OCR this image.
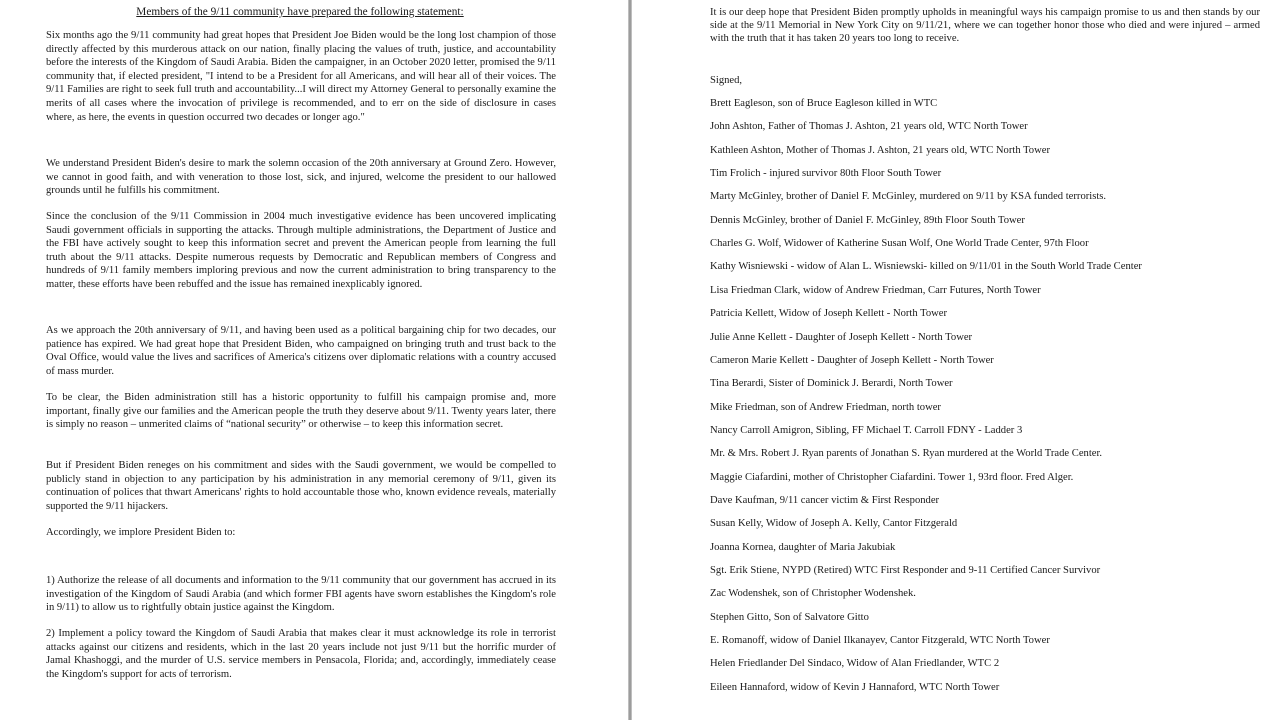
Members of the 9/11 community have prepared the following statement:

Six months ago the 9/11 community had great hopes that President Joe Biden would be the long lost champion of those directly affected by this murderous attack on our nation, finally placing the values of truth, justice, and accountability before the interests of the Kingdom of Saudi Arabia. Biden the campaigner, in an October 2020 letter, promised the 9/11 community that, if elected president, "I intend to be a President for all Americans, and will hear all of their voices. The 9/11 Families are right to seek full truth and accountability...I will direct my Attorney General to personally examine the merits of all cases where the invocation of privilege is recommended, and to err on the side of disclosure in cases where, as here, the events in question occurred two decades or longer ago."

We understand President Biden's desire to mark the solemn occasion of the 20th anniversary at Ground Zero. However, we cannot in good faith, and with veneration to those lost, sick, and injured, welcome the president to our hallowed grounds until he fulfills his commitment.

Since the conclusion of the 9/11 Commission in 2004 much investigative evidence has been uncovered implicating Saudi government officials in supporting the attacks. Through multiple administrations, the Department of Justice and the FBI have actively sought to keep this information secret and prevent the American people from learning the full truth about the 9/11 attacks. Despite numerous requests by Democratic and Republican members of Congress and hundreds of 9/11 family members imploring previous and now the current administration to bring transparency to the matter, these efforts have been rebuffed and the issue has remained inexplicably ignored.

As we approach the 20th anniversary of 9/11, and having been used as a political bargaining chip for two decades, our patience has expired. We had great hope that President Biden, who campaigned on bringing truth and trust back to the Oval Office, would value the lives and sacrifices of America's citizens over diplomatic relations with a country accused of mass murder.

To be clear, the Biden administration still has a historic opportunity to fulfill his campaign promise and, more important, finally give our families and the American people the truth they deserve about 9/11. Twenty years later, there is simply no reason – unmerited claims of “national security” or otherwise – to keep this information secret.

But if President Biden reneges on his commitment and sides with the Saudi government, we would be compelled to publicly stand in objection to any participation by his administration in any memorial ceremony of 9/11, given its continuation of polices that thwart Americans' rights to hold accountable those who, known evidence reveals, materially supported the 9/11 hijackers.

Accordingly, we implore President Biden to:

1) Authorize the release of all documents and information to the 9/11 community that our government has accrued in its investigation of the Kingdom of Saudi Arabia (and which former FBI agents have sworn establishes the Kingdom's role in 9/11) to allow us to rightfully obtain justice against the Kingdom.

2) Implement a policy toward the Kingdom of Saudi Arabia that makes clear it must acknowledge its role in terrorist attacks against our citizens and residents, which in the last 20 years include not just 9/11 but the horrific murder of Jamal Khashoggi, and the murder of U.S. service members in Pensacola, Florida; and, accordingly, immediately cease the Kingdom's support for acts of terrorism.

It is our deep hope that President Biden promptly upholds in meaningful ways his campaign promise to us and then stands by our side at the 9/11 Memorial in New York City on 9/11/21, where we can together honor those who died and were injured – armed with the truth that it has taken 20 years too long to receive.

Signed,

Brett Eagleson, son of Bruce Eagleson killed in WTC

John Ashton, Father of Thomas J. Ashton, 21 years old, WTC North Tower

Kathleen Ashton, Mother of Thomas J. Ashton, 21 years old, WTC North Tower

Tim Frolich - injured survivor 80th Floor South Tower

Marty McGinley, brother of Daniel F. McGinley, murdered on 9/11 by KSA funded terrorists.

Dennis McGinley, brother of Daniel F. McGinley, 89th Floor South Tower

Charles G. Wolf, Widower of Katherine Susan Wolf, One World Trade Center, 97th Floor

Kathy Wisniewski - widow of Alan L. Wisniewski- killed on 9/11/01 in the South World Trade Center

Lisa Friedman Clark, widow of Andrew Friedman, Carr Futures, North Tower

Patricia Kellett, Widow of Joseph Kellett - North Tower

Julie Anne Kellett - Daughter of Joseph Kellett - North Tower

Cameron Marie Kellett - Daughter of Joseph Kellett - North Tower

Tina Berardi, Sister of Dominick J. Berardi, North Tower

Mike Friedman, son of Andrew Friedman, north tower

Nancy Carroll Amigron, Sibling, FF Michael T. Carroll FDNY - Ladder 3

Mr. & Mrs. Robert J. Ryan parents of Jonathan S. Ryan murdered at the World Trade Center.

Maggie Ciafardini, mother of Christopher Ciafardini. Tower 1, 93rd floor. Fred Alger.

Dave Kaufman, 9/11 cancer victim & First Responder

Susan Kelly, Widow of Joseph A. Kelly, Cantor Fitzgerald

Joanna Kornea, daughter of Maria Jakubiak

Sgt. Erik Stiene, NYPD (Retired) WTC First Responder and 9-11 Certified Cancer Survivor

Zac Wodenshek, son of Christopher Wodenshek.

Stephen Gitto, Son of Salvatore Gitto

E. Romanoff, widow of Daniel Ilkanayev, Cantor Fitzgerald, WTC North Tower

Helen Friedlander Del Sindaco, Widow of Alan Friedlander, WTC 2

Eileen Hannaford, widow of Kevin J Hannaford, WTC North Tower
